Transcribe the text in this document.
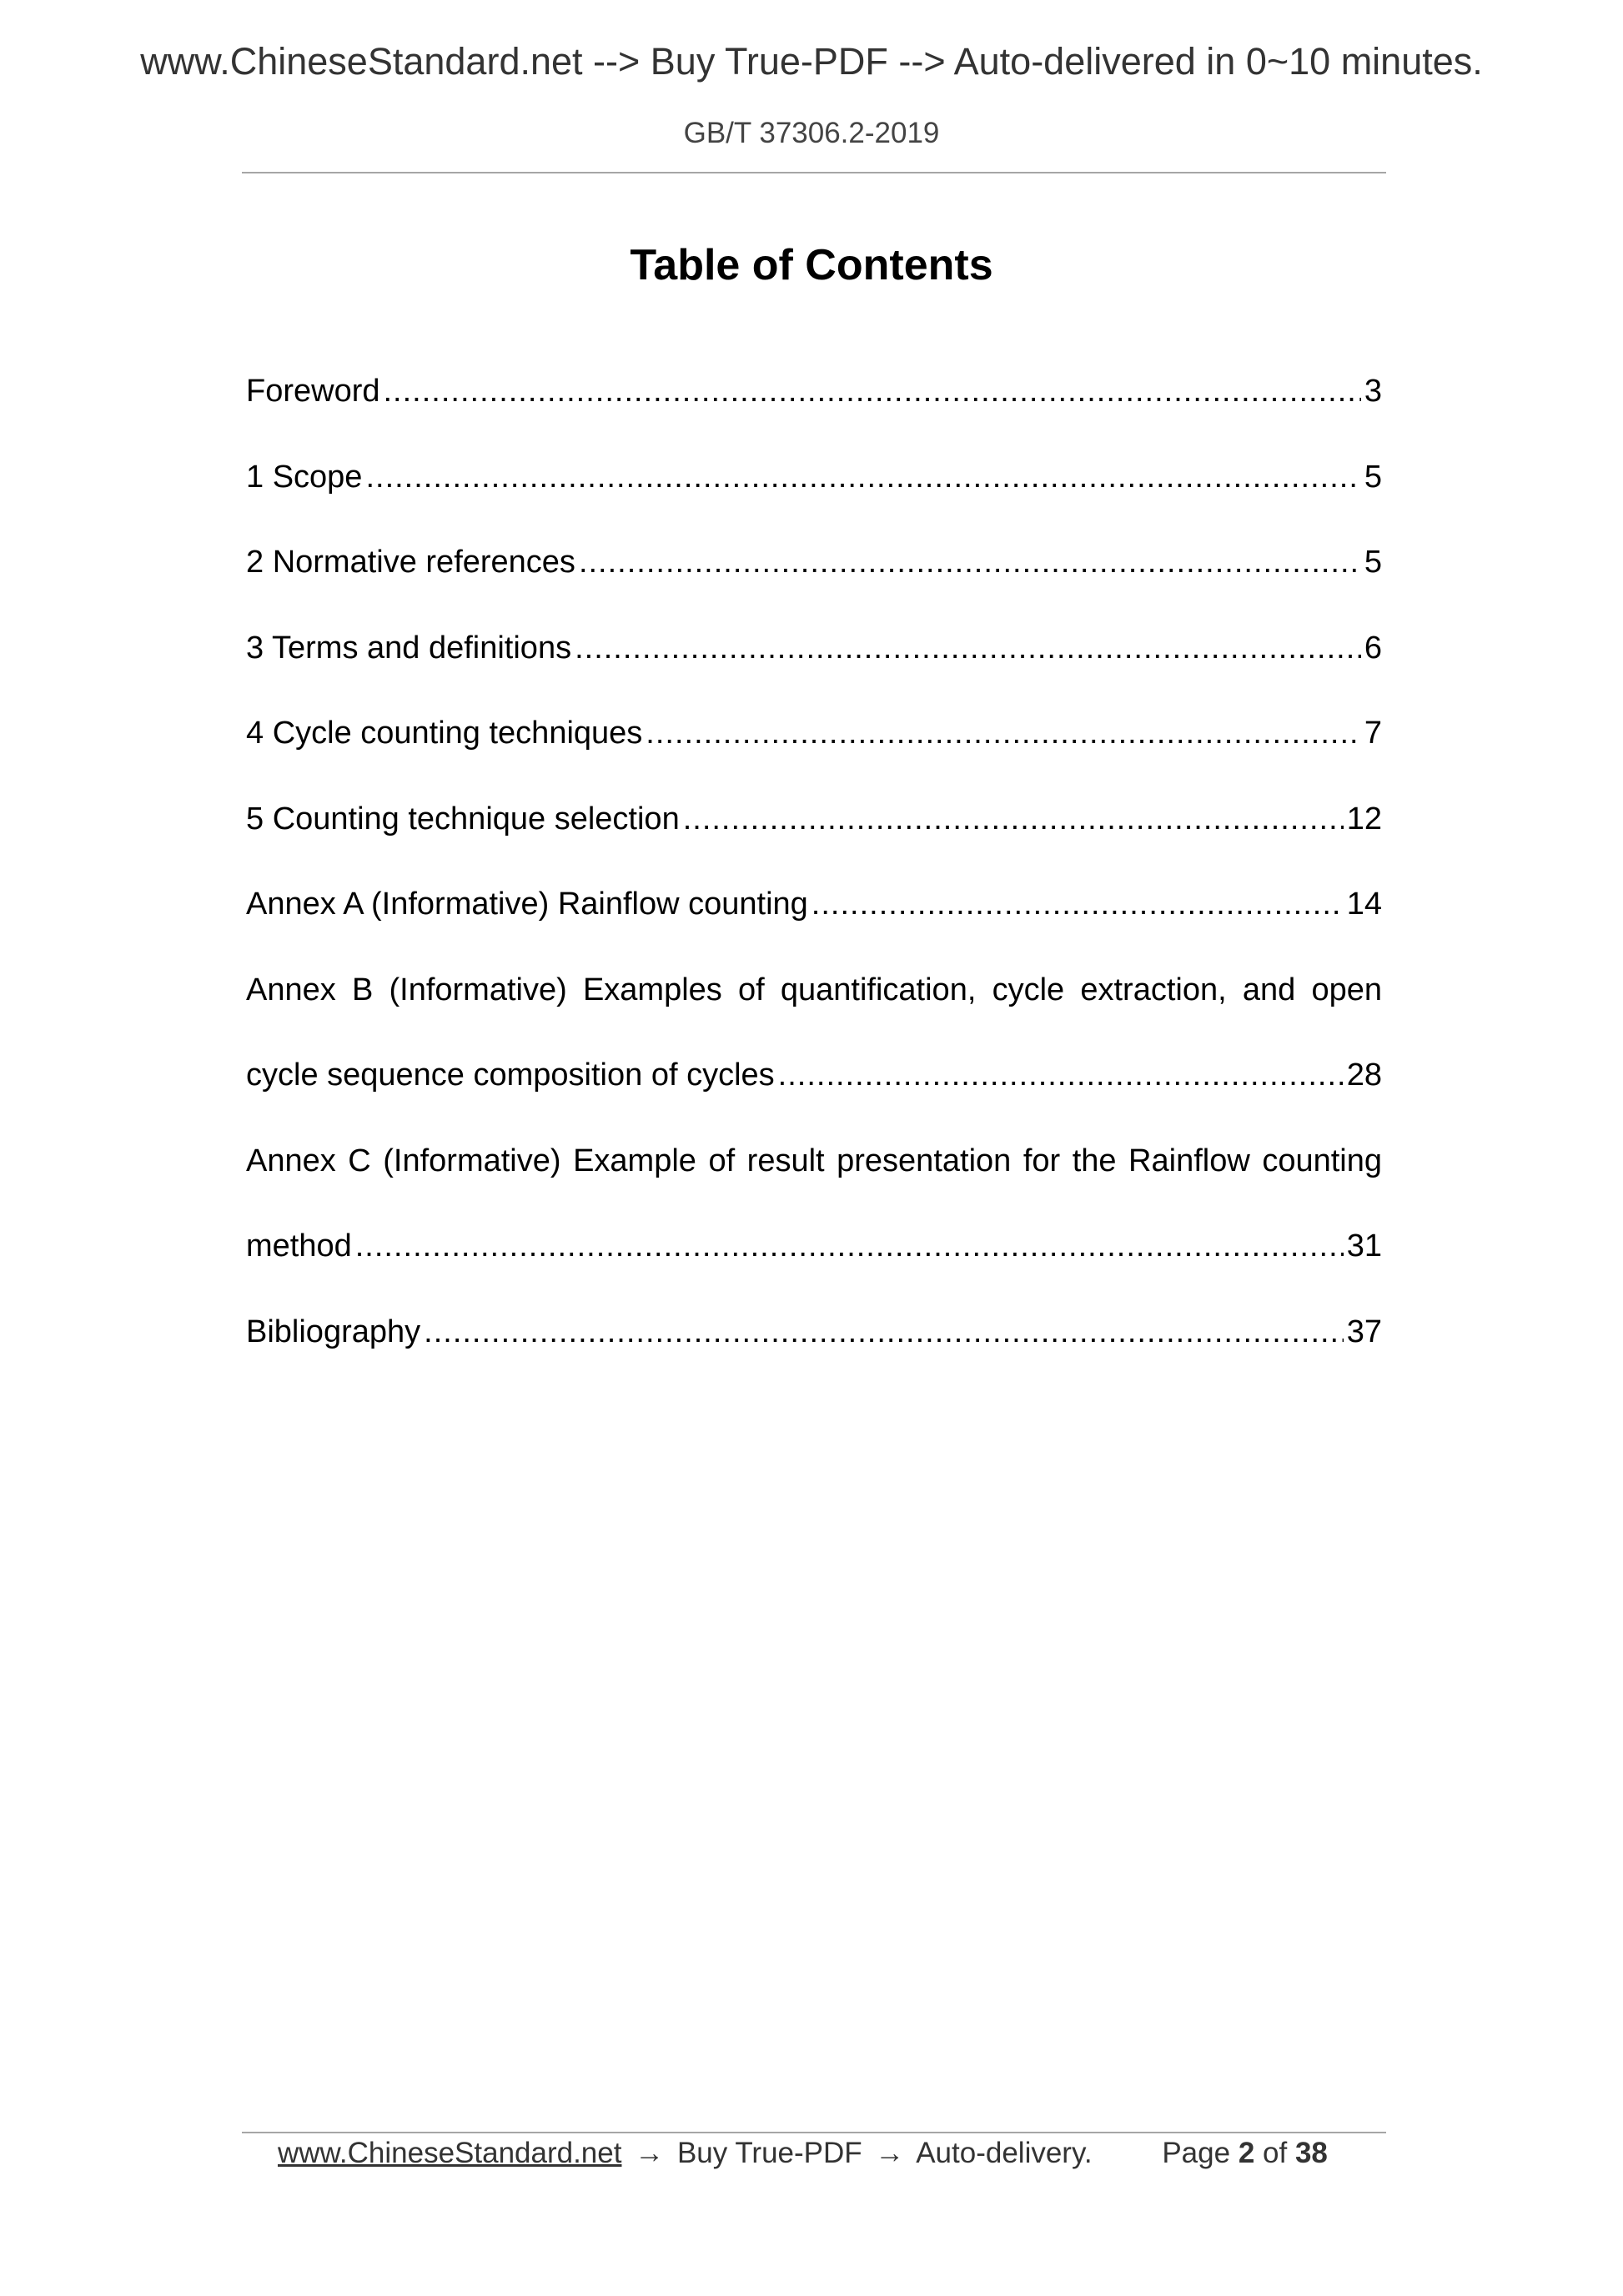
www.ChineseStandard.net --> Buy True-PDF --> Auto-delivered in 0~10 minutes.
GB/T 37306.2-2019
Table of Contents
Foreword .....	3
1 Scope .....	5
2 Normative references .....	5
3 Terms and definitions .....	6
4 Cycle counting techniques .....	7
5 Counting technique selection .....	12
Annex A (Informative) Rainflow counting .....	14
Annex B (Informative) Examples of quantification, cycle extraction, and open
cycle sequence composition of cycles .....	28
Annex C (Informative) Example of result presentation for the Rainflow counting
method .....	31
Bibliography .....	37
www.ChineseStandard.net → Buy True-PDF → Auto-delivery. Page 2 of 38
